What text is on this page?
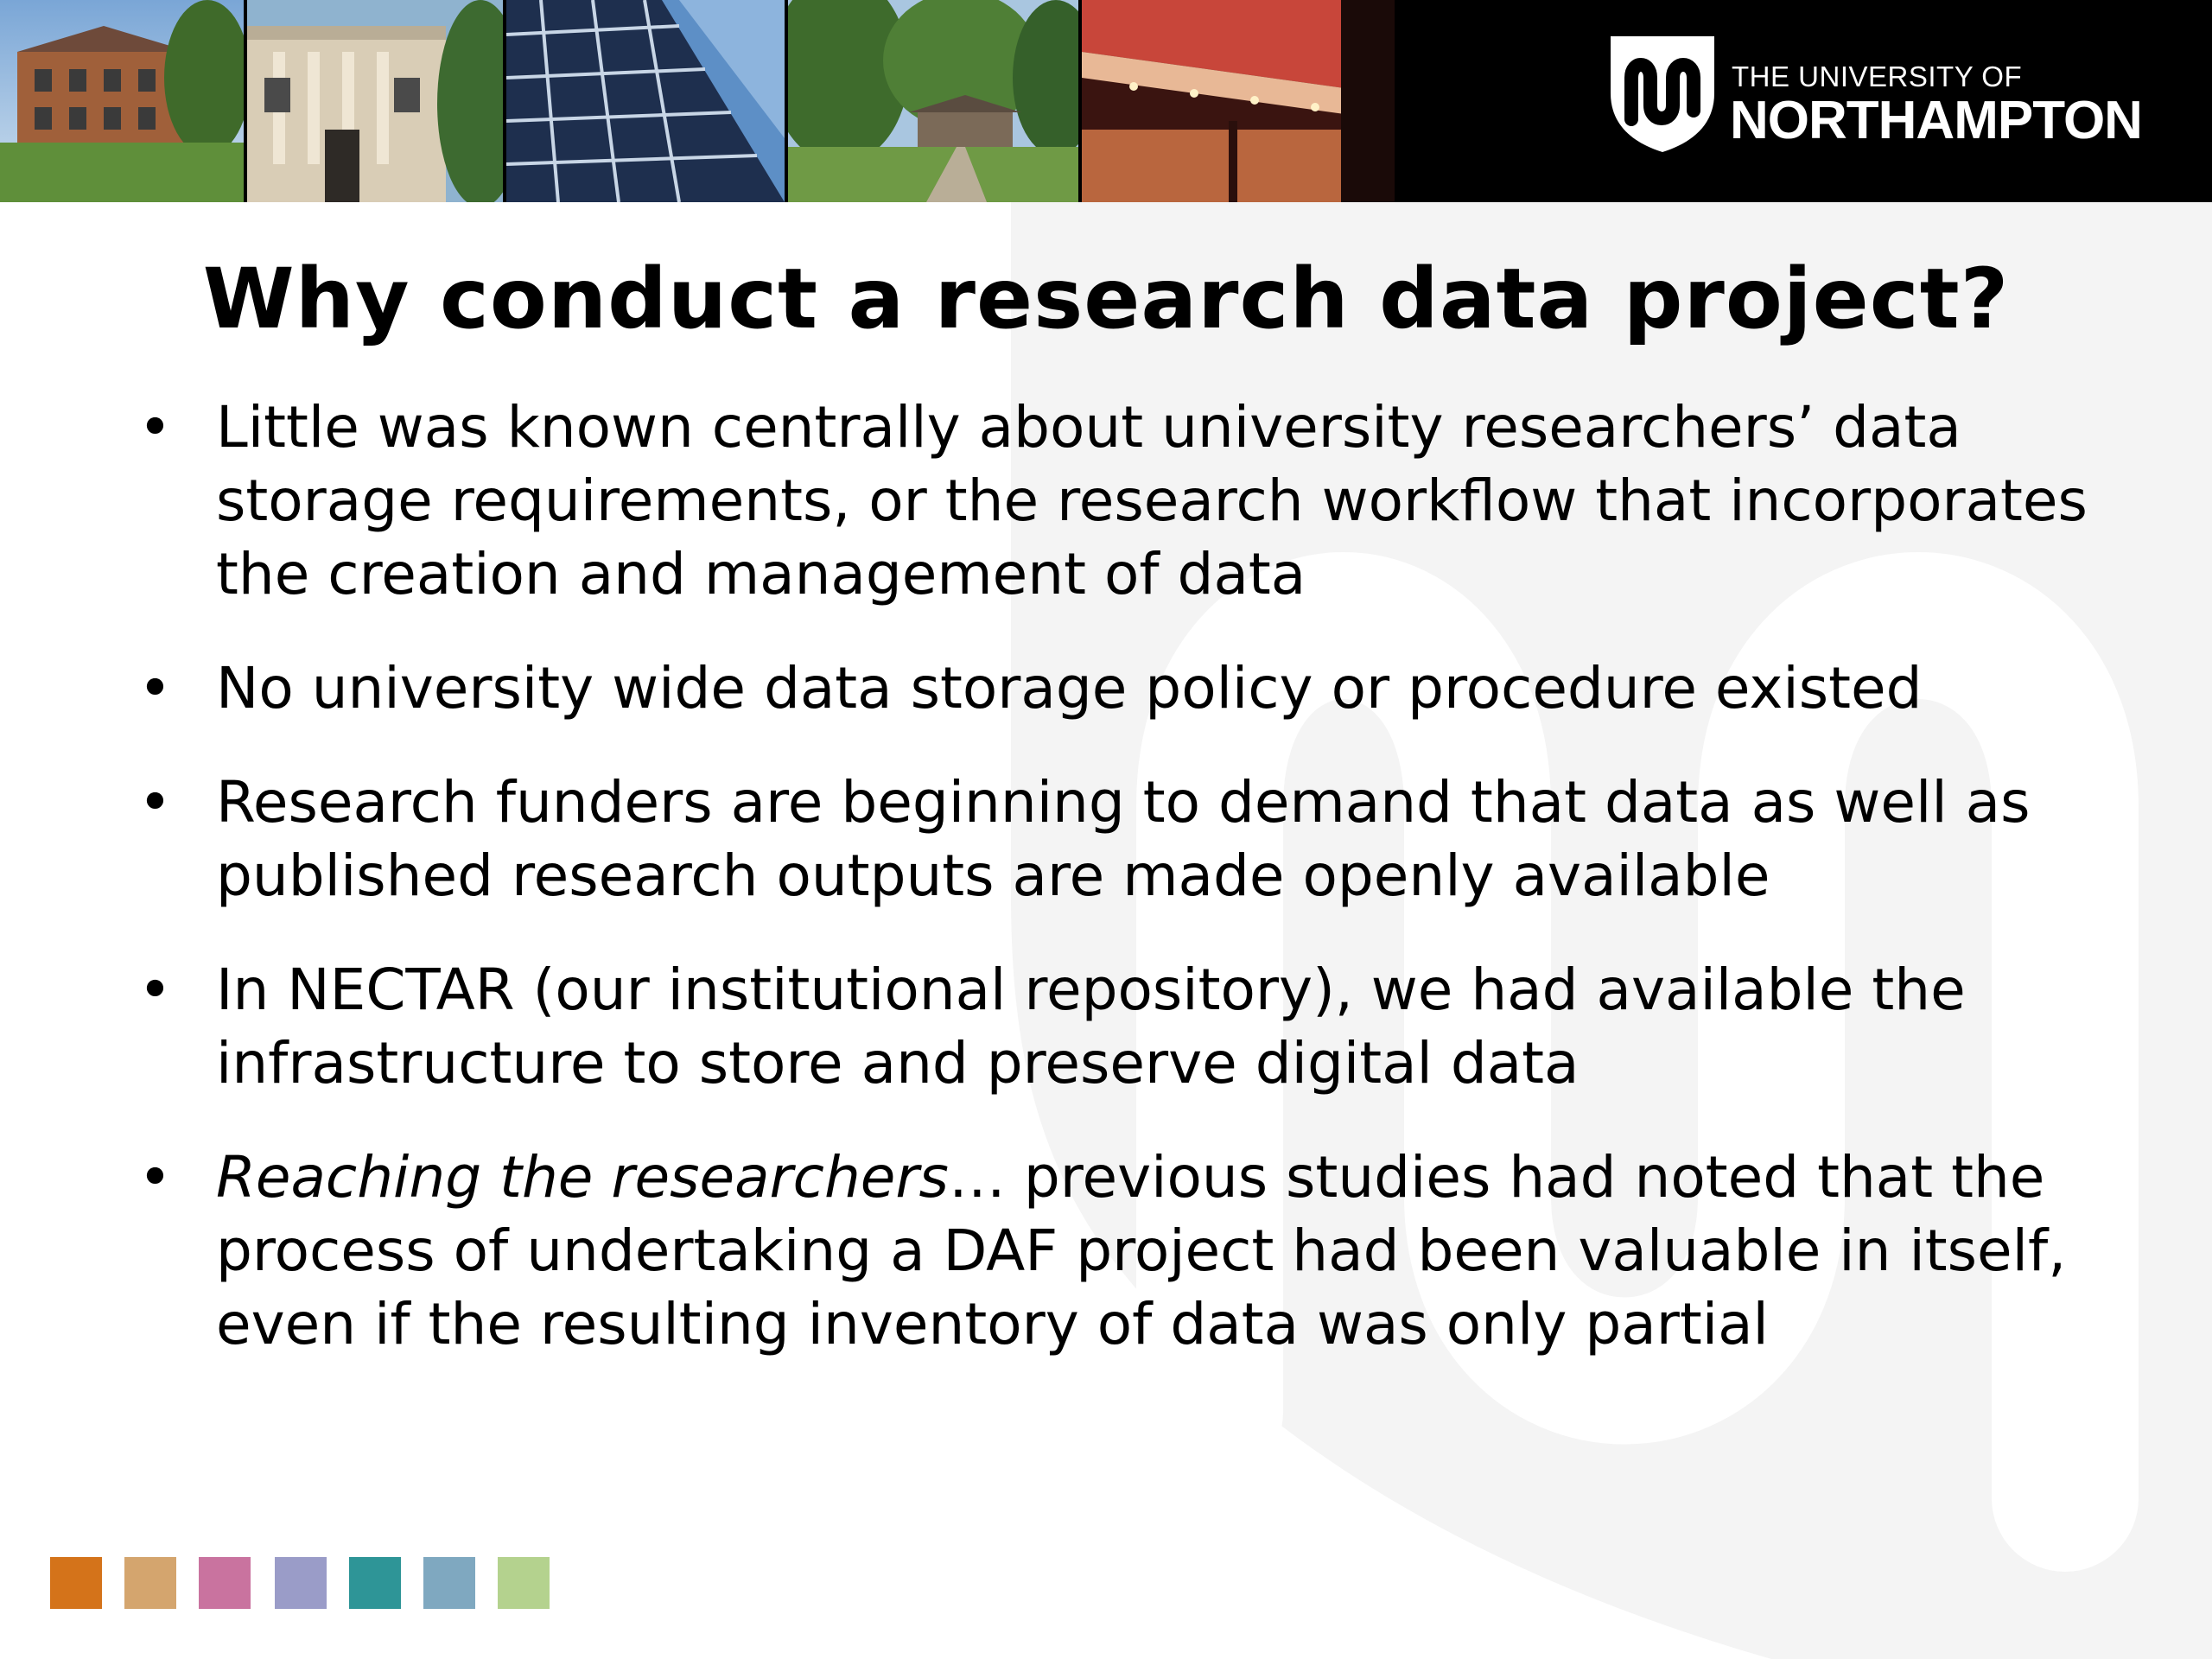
THE UNIVERSITY OF
NORTHAMPTON
Why conduct a research data project?
• Little was known centrally about university researchers’ data storage requirements, or the research workflow that incorporates the creation and management of data
• No university wide data storage policy or procedure existed
• Research funders are beginning to demand that data as well as published research outputs are made openly available
• In NECTAR (our institutional repository), we had available the infrastructure to store and preserve digital data
• Reaching the researchers… previous studies had noted that the process of undertaking a DAF project had been valuable in itself, even if the resulting inventory of data was only partial
